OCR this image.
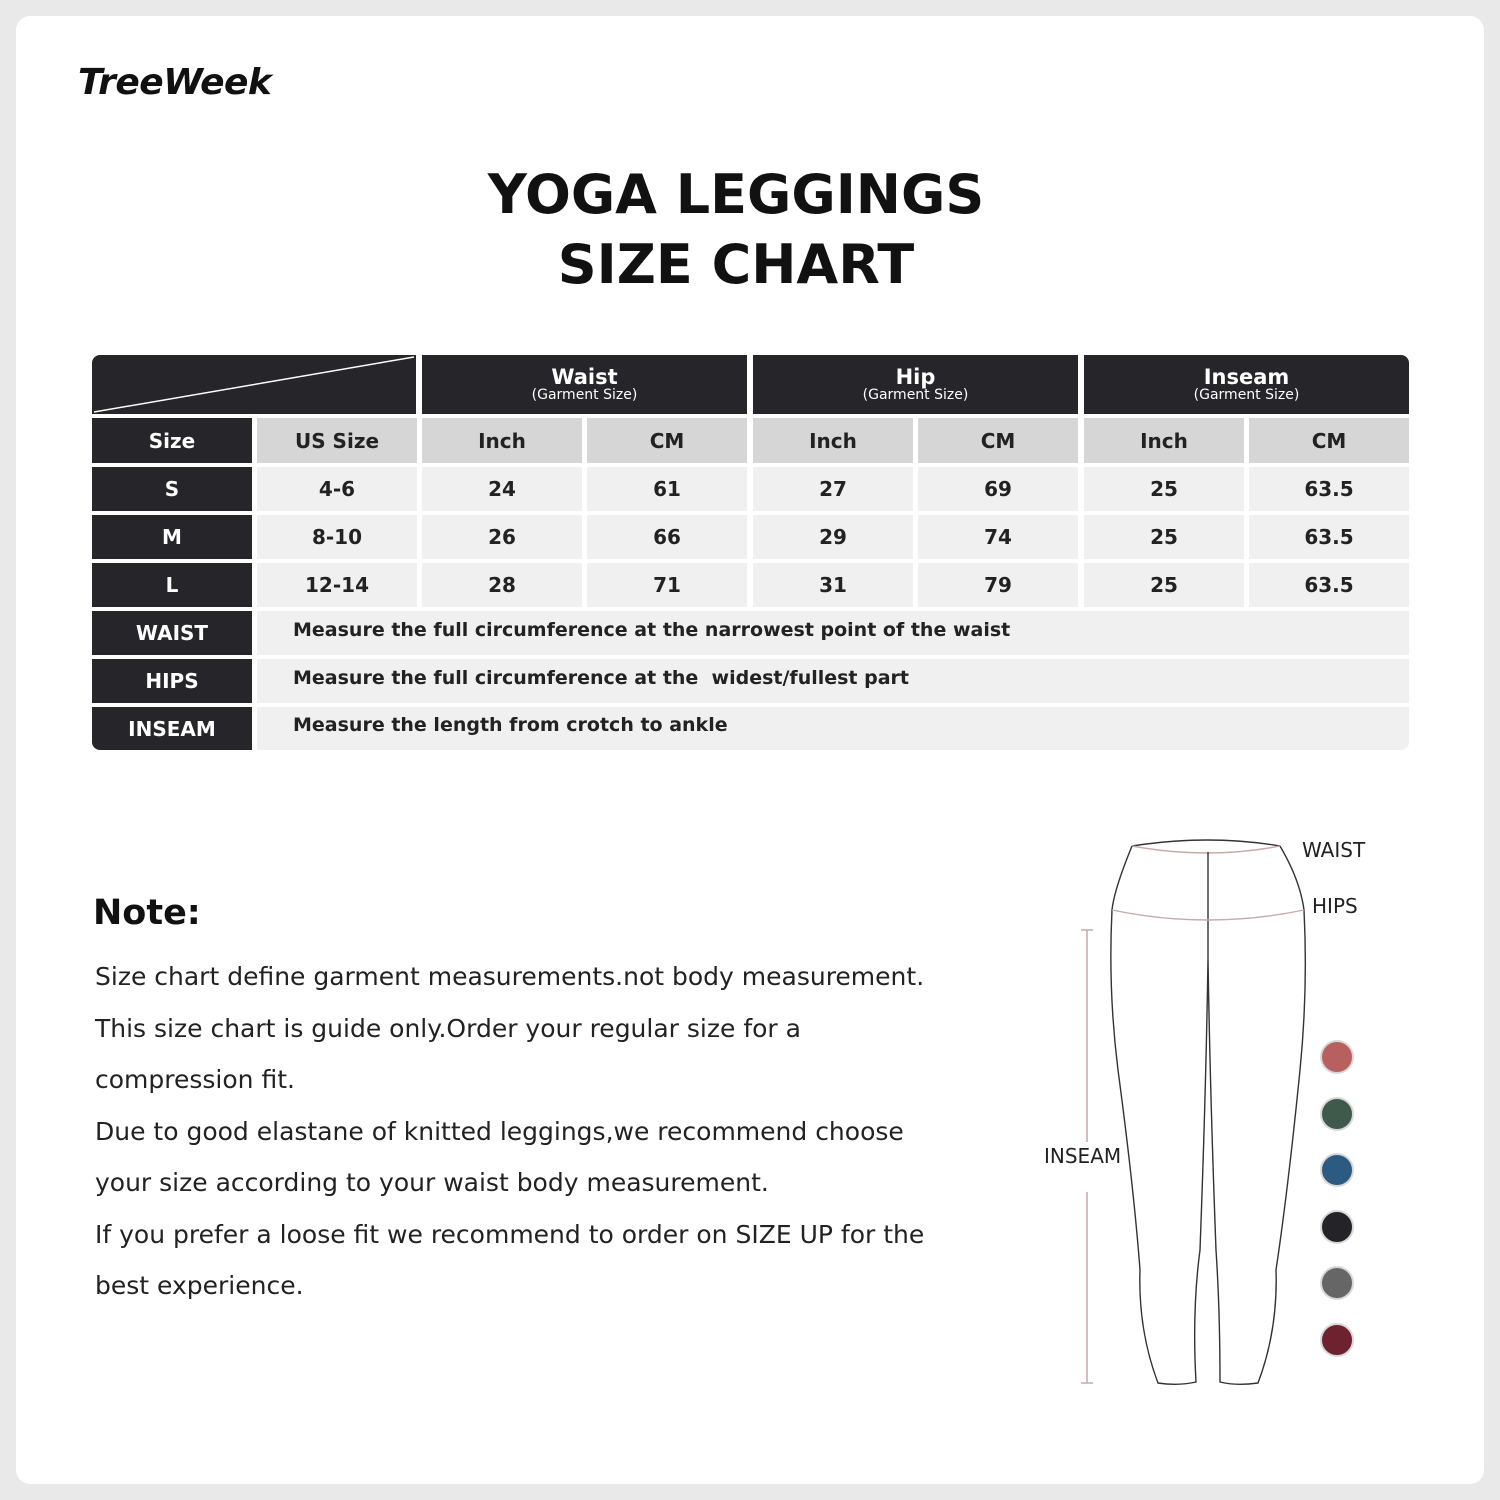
TreeWeek
YOGA LEGGINGS
SIZE CHART
Waist
(Garment Size)
Hip
(Garment Size)
Inseam
(Garment Size)
Size	US Size	Inch	CM	Inch	CM	Inch	CM
S	4-6	24	61	27	69	25	63.5
M	8-10	26	66	29	74	25	63.5
L	12-14	28	71	31	79	25	63.5
WAIST	Measure the full circumference at the narrowest point of the waist
HIPS	Measure the full circumference at the  widest/fullest part
INSEAM	Measure the length from crotch to ankle
Note:
Size chart define garment measurements.not body measurement.
This size chart is guide only.Order your regular size for a
compression fit.
Due to good elastane of knitted leggings,we recommend choose
your size according to your waist body measurement.
If you prefer a loose fit we recommend to order on SIZE UP for the
best experience.
WAIST
HIPS
INSEAM
